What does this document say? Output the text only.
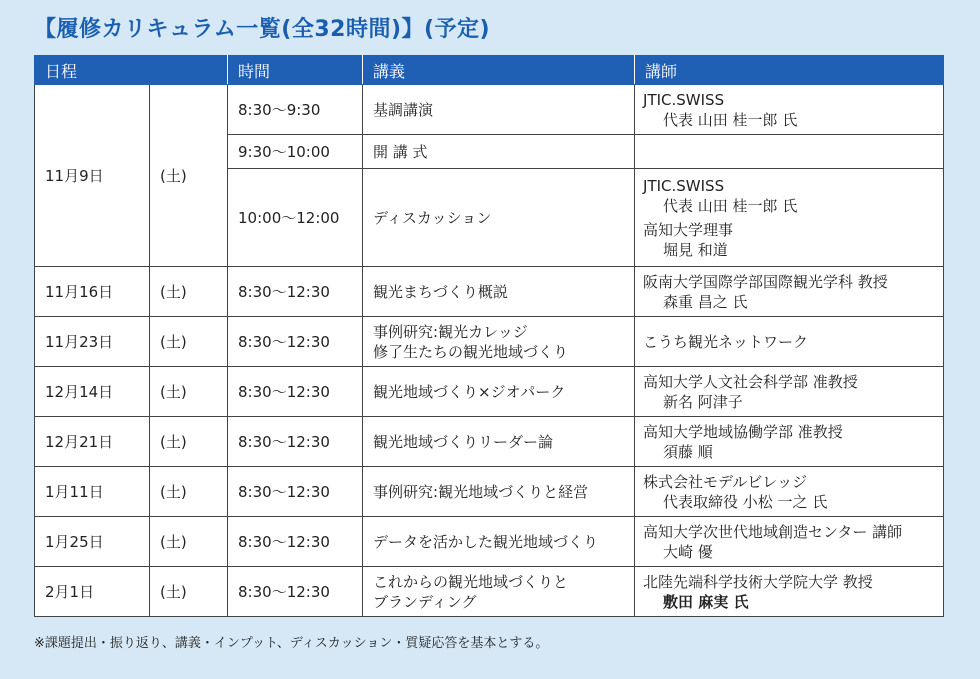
【履修カリキュラム一覧(全32時間)】(予定)
日程		時間	講義	講師
11月9日	(土)	8:30〜9:30	基調講演	JTIC.SWISS
代表 山田 桂一郎 氏

		9:30〜10:00	開 講 式	
		10:00〜12:00	ディスカッション	JTIC.SWISS
代表 山田 桂一郎 氏
高知大学理事
堀見 和道

11月16日	(土)	8:30〜12:30	観光まちづくり概説	阪南大学国際学部国際観光学科 教授
森重 昌之 氏

11月23日	(土)	8:30〜12:30	事例研究:観光カレッジ
修了生たちの観光地域づくり	こうち観光ネットワーク
12月14日	(土)	8:30〜12:30	観光地域づくり×ジオパーク	高知大学人文社会科学部 准教授
新名 阿津子

12月21日	(土)	8:30〜12:30	観光地域づくりリーダー論	高知大学地域協働学部 准教授
須藤 順

1月11日	(土)	8:30〜12:30	事例研究:観光地域づくりと経営	株式会社モデルビレッジ
代表取締役 小松 一之 氏

1月25日	(土)	8:30〜12:30	データを活かした観光地域づくり	高知大学次世代地域創造センター 講師
大崎 優

2月1日	(土)	8:30〜12:30	これからの観光地域づくりと
ブランディング	北陸先端科学技術大学院大学 教授
敷田 麻実 氏
※課題提出・振り返り、講義・インプット、ディスカッション・質疑応答を基本とする。
